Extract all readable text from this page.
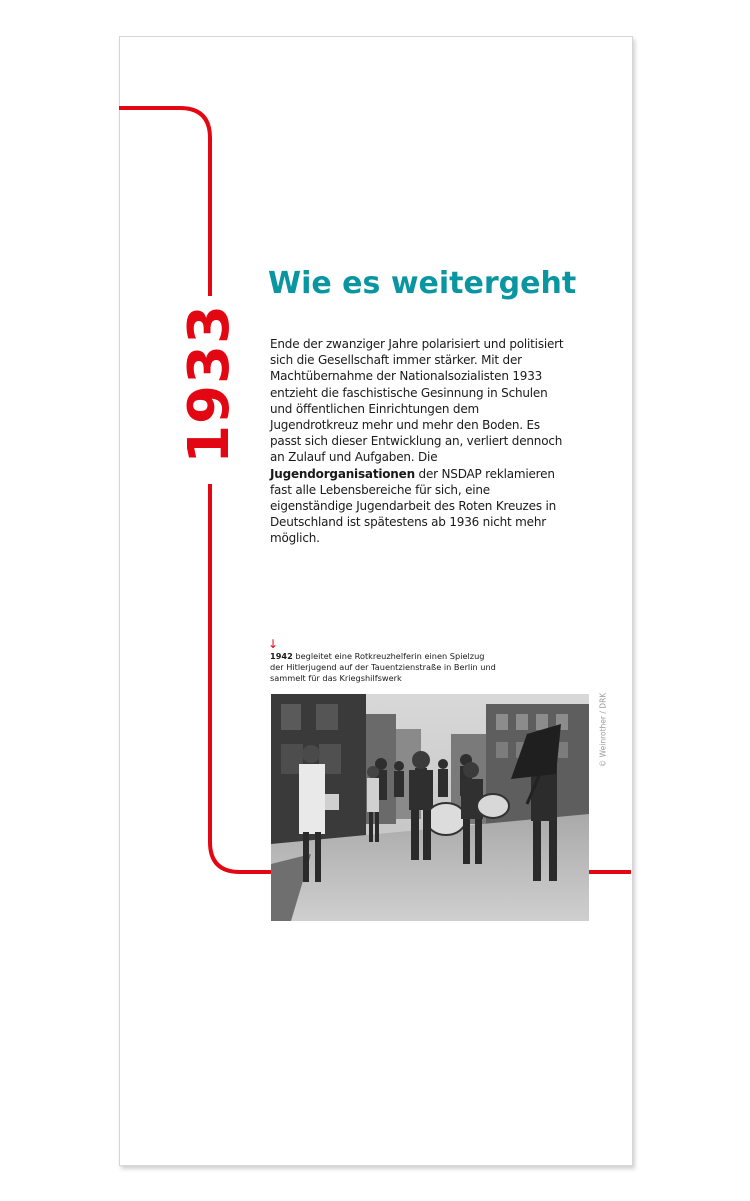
1933
Wie es weitergeht

Ende der zwanziger Jahre polarisiert und politisiert sich die Gesellschaft immer stärker. Mit der Machtübernahme der Nationalsozialisten 1933 entzieht die faschistische Gesinnung in Schulen und öffentlichen Einrichtungen dem Jugendrotkreuz mehr und mehr den Boden. Es passt sich dieser Entwicklung an, verliert dennoch an Zulauf und Aufgaben. Die Jugendorganisationen der NSDAP reklamieren fast alle Lebensbereiche für sich, eine eigenständige Jugendarbeit des Roten Kreuzes in Deutschland ist spätestens ab 1936 nicht mehr möglich.

↓

1942 begleitet eine Rotkreuzhelferin einen Spielzug der Hitlerjugend auf der Tauentzienstraße in Berlin und sammelt für das Kriegshilfswerk

© Weinrother / DRK
